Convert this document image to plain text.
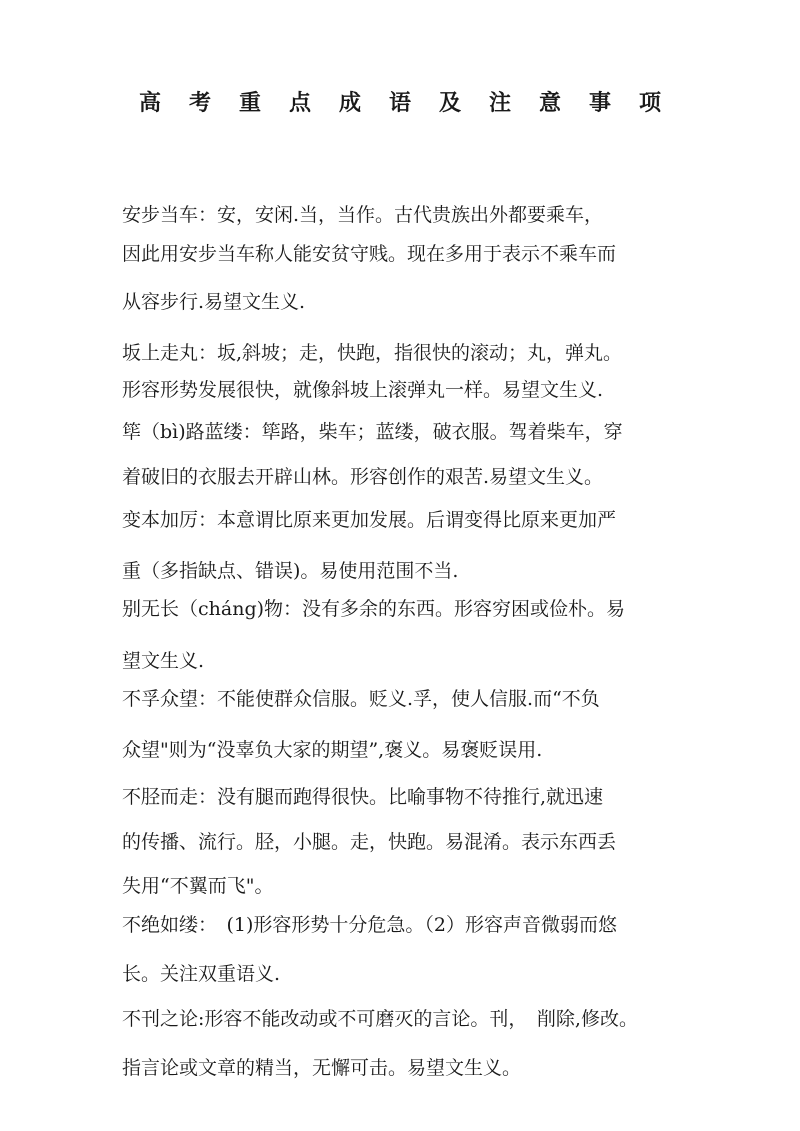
高考重点成语及注意事项

安步当车：安，安闲.当，当作。古代贵族出外都要乘车，

因此用安步当车称人能安贫守贱。现在多用于表示不乘车而

从容步行.易望文生义.

坂上走丸：坂,斜坡；走，快跑，指很快的滚动；丸，弹丸。

形容形势发展很快，就像斜坡上滚弹丸一样。易望文生义.

筚（bì)路蓝缕：筚路，柴车；蓝缕，破衣服。驾着柴车，穿

着破旧的衣服去开辟山林。形容创作的艰苦.易望文生义。

变本加厉：本意谓比原来更加发展。后谓变得比原来更加严

重（多指缺点、错误)。易使用范围不当.

别无长（cháng)物：没有多余的东西。形容穷困或俭朴。易

望文生义.

不孚众望：不能使群众信服。贬义.孚，使人信服.而“不负

众望"则为“没辜负大家的期望”,褒义。易褒贬误用.

不胫而走：没有腿而跑得很快。比喻事物不待推行,就迅速

的传播、流行。胫，小腿。走，快跑。易混淆。表示东西丢

失用“不翼而飞"。

不绝如缕：　(1)形容形势十分危急。（2）形容声音微弱而悠

长。关注双重语义.

不刊之论:形容不能改动或不可磨灭的言论。刊，　削除,修改。

指言论或文章的精当，无懈可击。易望文生义。
